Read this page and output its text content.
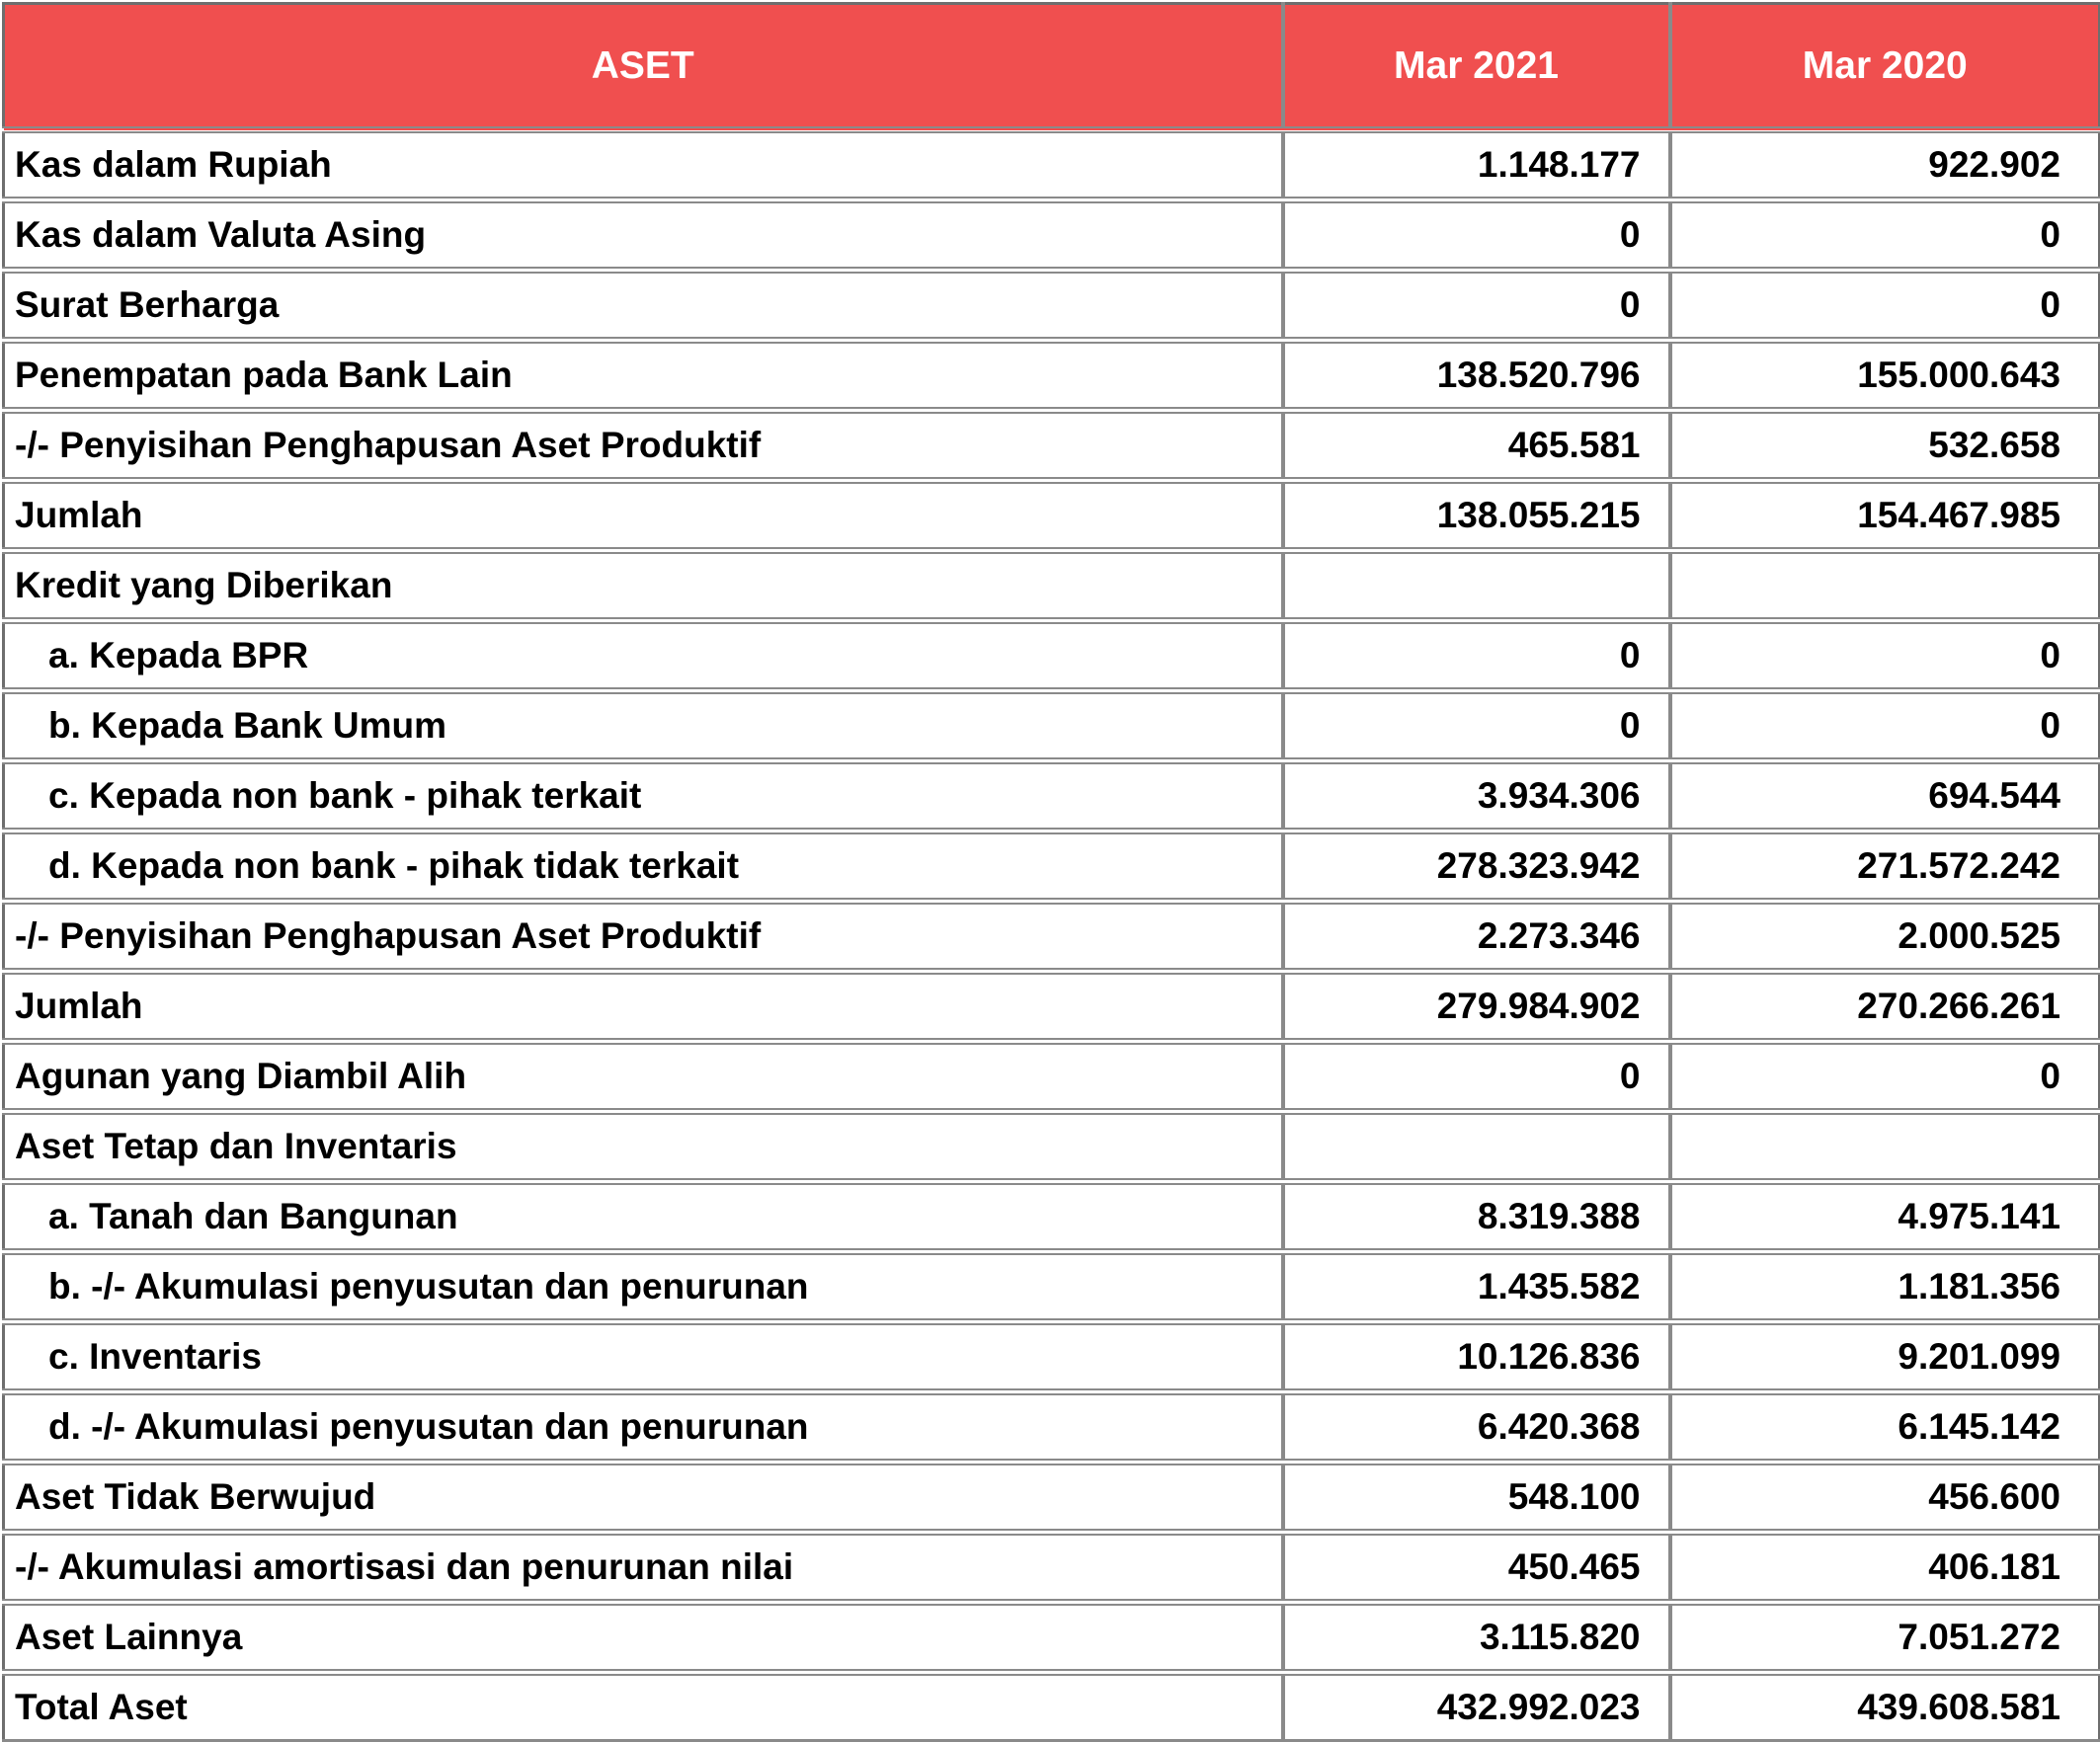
ASET	Mar 2021	Mar 2020
Kas dalam Rupiah	1.148.177	922.902
Kas dalam Valuta Asing	0	0
Surat Berharga	0	0
Penempatan pada Bank Lain	138.520.796	155.000.643
-/- Penyisihan Penghapusan Aset Produktif	465.581	532.658
Jumlah	138.055.215	154.467.985
Kredit yang Diberikan		
a. Kepada BPR	0	0
b. Kepada Bank Umum	0	0
c. Kepada non bank - pihak terkait	3.934.306	694.544
d. Kepada non bank - pihak tidak terkait	278.323.942	271.572.242
-/- Penyisihan Penghapusan Aset Produktif	2.273.346	2.000.525
Jumlah	279.984.902	270.266.261
Agunan yang Diambil Alih	0	0
Aset Tetap dan Inventaris		
a. Tanah dan Bangunan	8.319.388	4.975.141
b. -/- Akumulasi penyusutan dan penurunan	1.435.582	1.181.356
c. Inventaris	10.126.836	9.201.099
d. -/- Akumulasi penyusutan dan penurunan	6.420.368	6.145.142
Aset Tidak Berwujud	548.100	456.600
-/- Akumulasi amortisasi dan penurunan nilai	450.465	406.181
Aset Lainnya	3.115.820	7.051.272
Total Aset	432.992.023	439.608.581
